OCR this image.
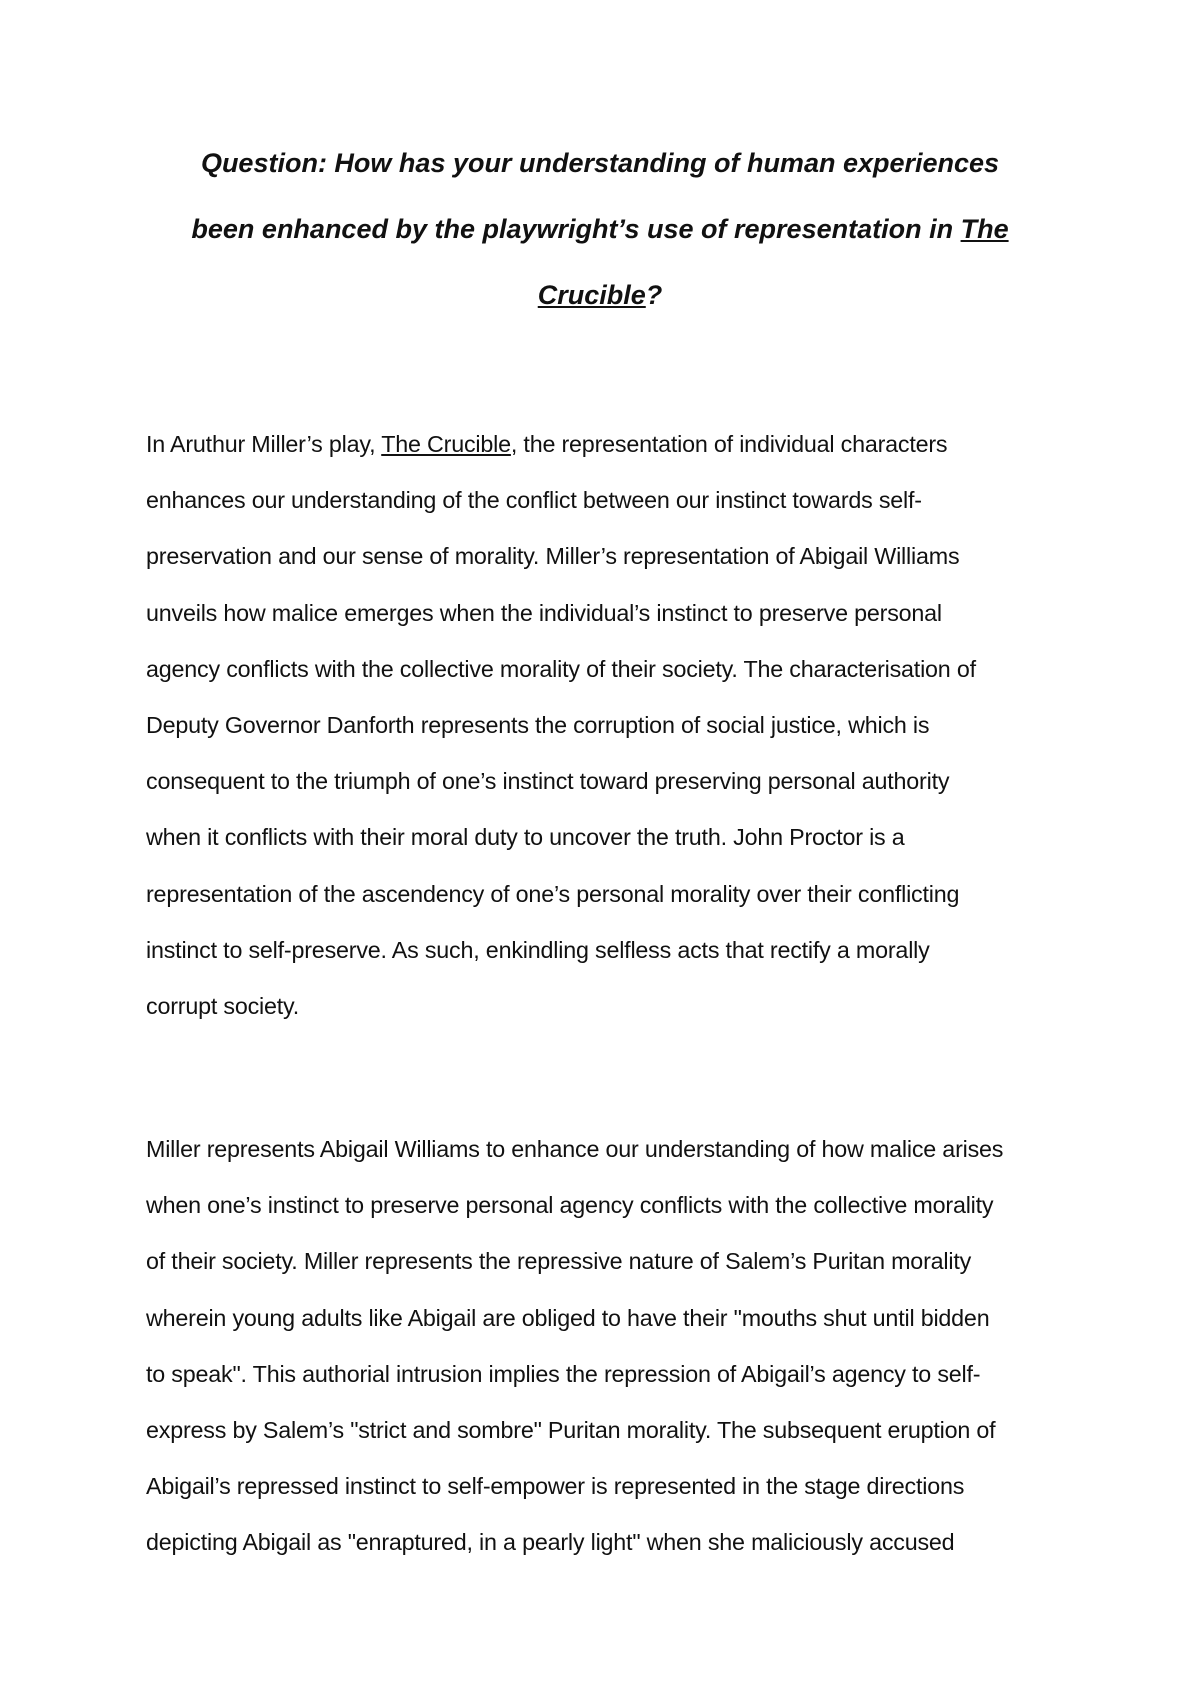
Question: How has your understanding of human experiences
been enhanced by the playwright’s use of representation in The
Crucible?

In Aruthur Miller’s play, The Crucible, the representation of individual characters
enhances our understanding of the conflict between our instinct towards self-
preservation and our sense of morality. Miller’s representation of Abigail Williams
unveils how malice emerges when the individual’s instinct to preserve personal
agency conflicts with the collective morality of their society. The characterisation of
Deputy Governor Danforth represents the corruption of social justice, which is
consequent to the triumph of one’s instinct toward preserving personal authority
when it conflicts with their moral duty to uncover the truth. John Proctor is a
representation of the ascendency of one’s personal morality over their conflicting
instinct to self-preserve. As such, enkindling selfless acts that rectify a morally
corrupt society.

Miller represents Abigail Williams to enhance our understanding of how malice arises
when one’s instinct to preserve personal agency conflicts with the collective morality
of their society. Miller represents the repressive nature of Salem’s Puritan morality
wherein young adults like Abigail are obliged to have their "mouths shut until bidden
to speak". This authorial intrusion implies the repression of Abigail’s agency to self-
express by Salem’s "strict and sombre" Puritan morality. The subsequent eruption of
Abigail’s repressed instinct to self-empower is represented in the stage directions
depicting Abigail as "enraptured, in a pearly light" when she maliciously accused
